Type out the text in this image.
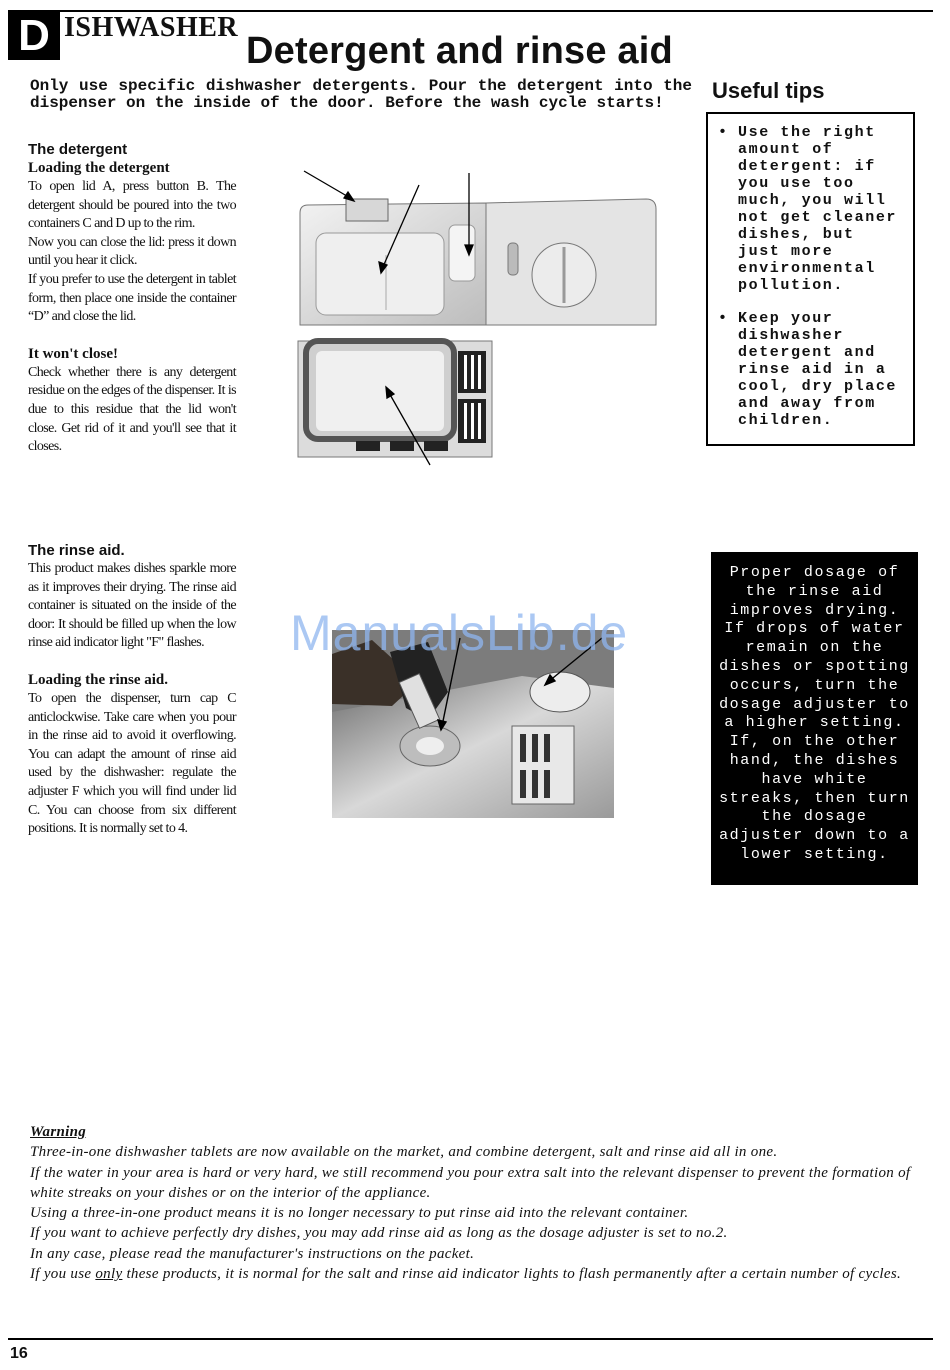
D ISHWASHER
Detergent and rinse aid

Only use specific dishwasher detergents. Pour the detergent into the dispenser on the inside of the door. Before the wash cycle starts!	Useful tips
• Use the right amount of detergent: if you use too much, you will not get cleaner dishes, but just more environmental pollution.
• Keep your dishwasher detergent and rinse aid in a cool, dry place and away from children.
The detergent
Loading the detergent

To open lid A, press button B. The detergent should be poured into the two containers C and D up to the rim.

Now you can close the lid: press it down until you hear it click.

If you prefer to use the detergent in tablet form, then place one inside the container “D” and close the lid.

It won't close!

Check whether there is any detergent residue on the edges of the dispenser. It is due to this residue that the lid won't close. Get rid of it and you'll see that it closes.

The rinse aid.

This product makes dishes sparkle more as it improves their drying. The rinse aid container is situated on the inside of the door: It should be filled up when the low rinse aid indicator light "F" flashes.

Loading the rinse aid.

To open the dispenser, turn cap C anticlockwise. Take care when you pour in the rinse aid to avoid it overflowing. You can adapt the amount of rinse aid used by the dishwasher: regulate the adjuster F which you will find under lid C. You can choose from six different positions. It is normally set to 4.

ManualsLib.de
Proper dosage of the rinse aid improves drying. If drops of water remain on the dishes or spotting occurs, turn the dosage adjuster to a higher setting. If, on the other hand, the dishes have white streaks, then turn the dosage adjuster down to a lower setting.
Warning

Three-in-one dishwasher tablets are now available on the market, and combine detergent, salt and rinse aid all in one.

If the water in your area is hard or very hard, we still recommend you pour extra salt into the relevant dispenser to prevent the formation of white streaks on your dishes or on the interior of the appliance.

Using a three-in-one product means it is no longer necessary to put rinse aid into the relevant container.

If you want to achieve perfectly dry dishes, you may add rinse aid as long as the dosage adjuster is set to no.2.

In any case, please read the manufacturer's instructions on the packet.

If you use only these products, it is normal for the salt and rinse aid indicator lights to flash permanently after a certain number of cycles.

16
